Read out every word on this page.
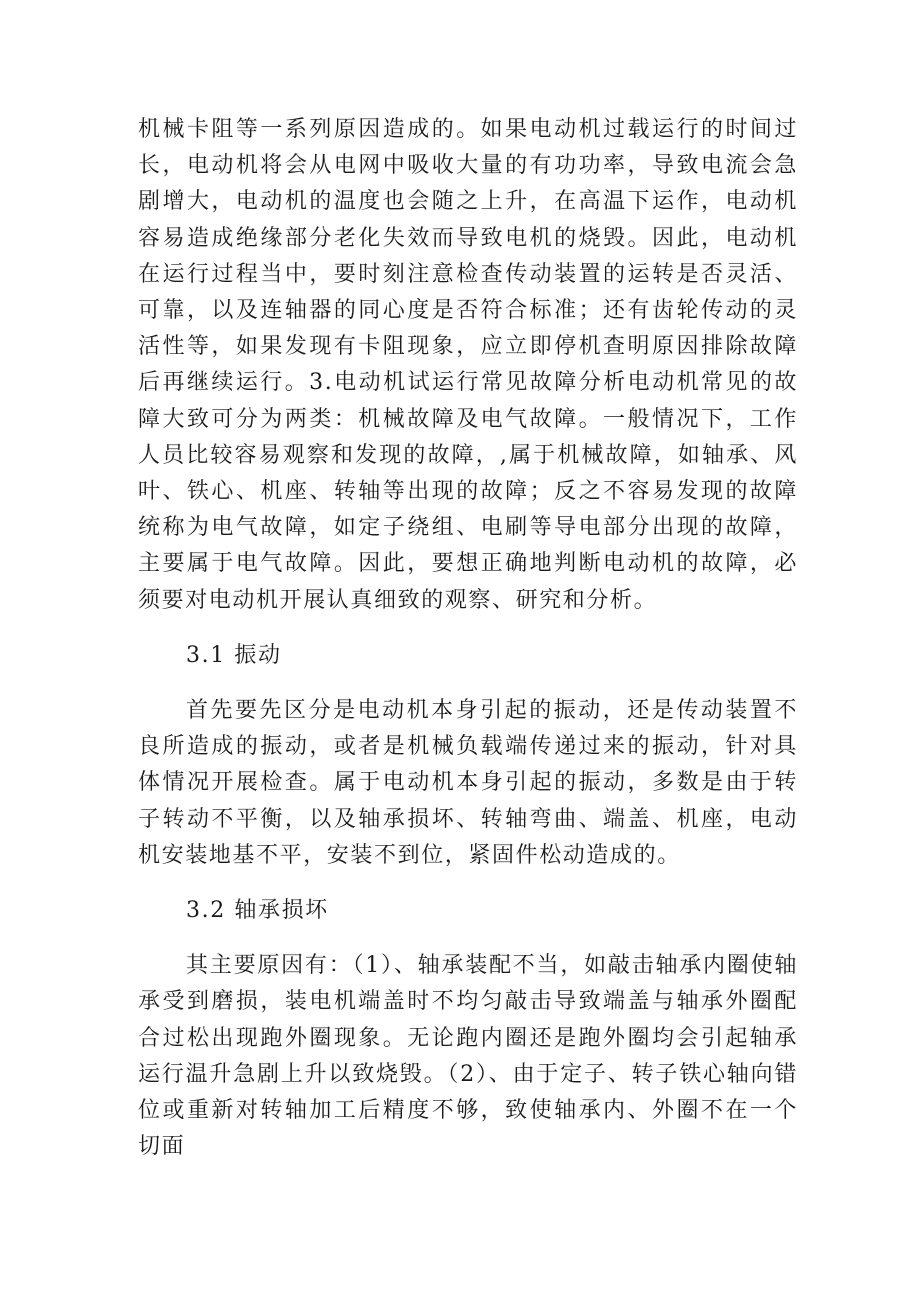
机械卡阻等一系列原因造成的。如果电动机过载运行的时间过长，电动机将会从电网中吸收大量的有功功率，导致电流会急剧增大，电动机的温度也会随之上升，在高温下运作，电动机容易造成绝缘部分老化失效而导致电机的烧毁。因此，电动机在运行过程当中，要时刻注意检查传动装置的运转是否灵活、可靠，以及连轴器的同心度是否符合标准；还有齿轮传动的灵活性等，如果发现有卡阻现象，应立即停机查明原因排除故障后再继续运行。3.电动机试运行常见故障分析电动机常见的故障大致可分为两类：机械故障及电气故障。一般情况下，工作人员比较容易观察和发现的故障，,属于机械故障，如轴承、风叶、铁心、机座、转轴等出现的故障；反之不容易发现的故障统称为电气故障，如定子绕组、电刷等导电部分出现的故障，主要属于电气故障。因此，要想正确地判断电动机的故障，必须要对电动机开展认真细致的观察、研究和分析。

3.1 振动

首先要先区分是电动机本身引起的振动，还是传动装置不良所造成的振动，或者是机械负载端传递过来的振动，针对具体情况开展检查。属于电动机本身引起的振动，多数是由于转子转动不平衡，以及轴承损坏、转轴弯曲、端盖、机座，电动机安装地基不平，安装不到位，紧固件松动造成的。

3.2 轴承损坏

其主要原因有：（1）、轴承装配不当，如敲击轴承内圈使轴承受到磨损，装电机端盖时不均匀敲击导致端盖与轴承外圈配合过松出现跑外圈现象。无论跑内圈还是跑外圈均会引起轴承运行温升急剧上升以致烧毁。（2）、由于定子、转子铁心轴向错位或重新对转轴加工后精度不够，致使轴承内、外圈不在一个切面
